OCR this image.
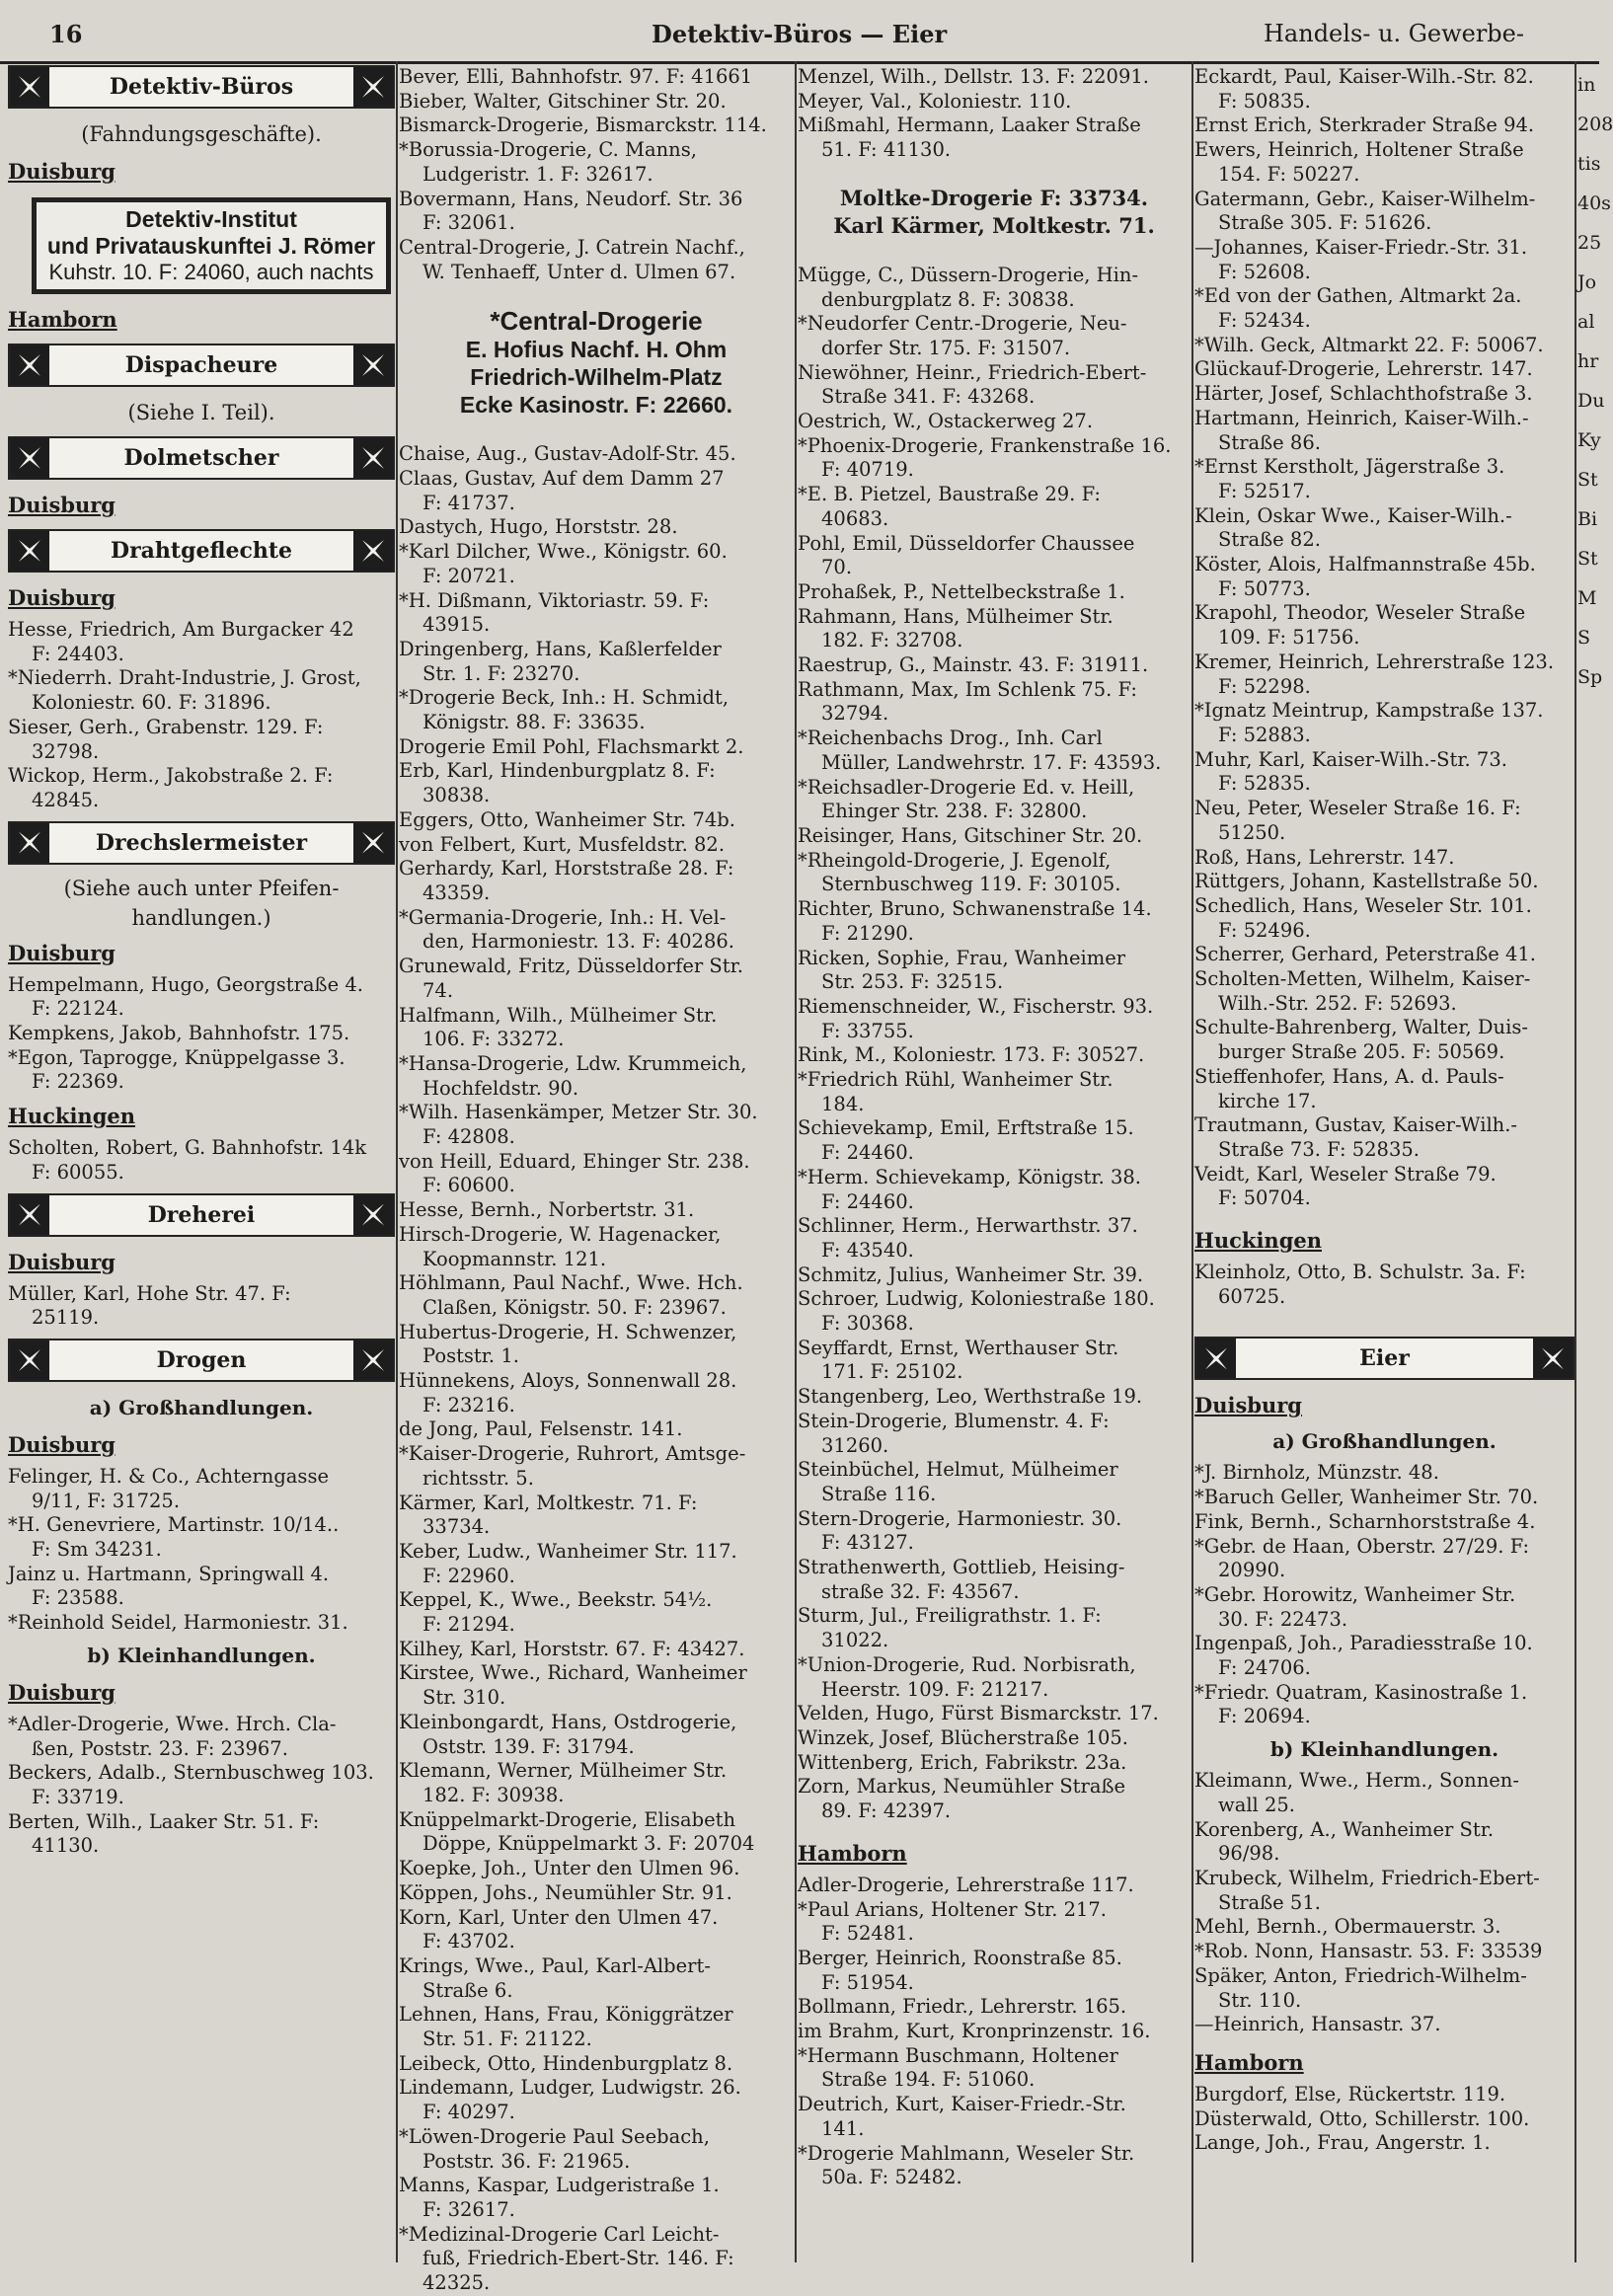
16	Detektiv-Büros — Eier	Handels- u. Gewerbe-
Detektiv-Büros
(Fahndungsgeschäfte).
Duisburg
Detektiv-Institut
und Privatauskunftei J. Römer
Kuhstr. 10. F: 24060, auch nachts
Hamborn

Dispacheure
(Siehe I. Teil).
Dolmetscher
Duisburg

Drahtgeflechte
Duisburg

Hesse, Friedrich, Am Burgacker 42

F: 24403.

*Niederrh. Draht-Industrie, J. Grost,

Koloniestr. 60. F: 31896.

Sieser, Gerh., Grabenstr. 129. F:

32798.

Wickop, Herm., Jakobstraße 2. F:

42845.

Drechslermeister
(Siehe auch unter Pfeifen-
handlungen.)
Duisburg

Hempelmann, Hugo, Georgstraße 4.

F: 22124.

Kempkens, Jakob, Bahnhofstr. 175.

*Egon, Taprogge, Knüppelgasse 3.

F: 22369.

Huckingen

Scholten, Robert, G. Bahnhofstr. 14k

F: 60055.

Dreherei
Duisburg

Müller, Karl, Hohe Str. 47. F:

25119.

Drogen
a) Großhandlungen.
Duisburg

Felinger, H. & Co., Achterngasse

9/11, F: 31725.

*H. Genevriere, Martinstr. 10/14..

F: Sm 34231.

Jainz u. Hartmann, Springwall 4.

F: 23588.

*Reinhold Seidel, Harmoniestr. 31.

b) Kleinhandlungen.
Duisburg

*Adler-Drogerie, Wwe. Hrch. Cla-

ßen, Poststr. 23. F: 23967.

Beckers, Adalb., Sternbuschweg 103.

F: 33719.

Berten, Wilh., Laaker Str. 51. F:

41130.

Bever, Elli, Bahnhofstr. 97. F: 41661

Bieber, Walter, Gitschiner Str. 20.

Bismarck-Drogerie, Bismarckstr. 114.

*Borussia-Drogerie, C. Manns,

Ludgeristr. 1. F: 32617.

Bovermann, Hans, Neudorf. Str. 36

F: 32061.

Central-Drogerie, J. Catrein Nachf.,

W. Tenhaeff, Unter d. Ulmen 67.

*Central-Drogerie
E. Hofius Nachf. H. Ohm
Friedrich-Wilhelm-Platz
Ecke Kasinostr. F: 22660.

Chaise, Aug., Gustav-Adolf-Str. 45.

Claas, Gustav, Auf dem Damm 27

F: 41737.

Dastych, Hugo, Horststr. 28.

*Karl Dilcher, Wwe., Königstr. 60.

F: 20721.

*H. Dißmann, Viktoriastr. 59. F:

43915.

Dringenberg, Hans, Kaßlerfelder

Str. 1. F: 23270.

*Drogerie Beck, Inh.: H. Schmidt,

Königstr. 88. F: 33635.

Drogerie Emil Pohl, Flachsmarkt 2.

Erb, Karl, Hindenburgplatz 8. F:

30838.

Eggers, Otto, Wanheimer Str. 74b.

von Felbert, Kurt, Musfeldstr. 82.

Gerhardy, Karl, Horststraße 28. F:

43359.

*Germania-Drogerie, Inh.: H. Vel-

den, Harmoniestr. 13. F: 40286.

Grunewald, Fritz, Düsseldorfer Str.

74.

Halfmann, Wilh., Mülheimer Str.

106. F: 33272.

*Hansa-Drogerie, Ldw. Krummeich,

Hochfeldstr. 90.

*Wilh. Hasenkämper, Metzer Str. 30.

F: 42808.

von Heill, Eduard, Ehinger Str. 238.

F: 60600.

Hesse, Bernh., Norbertstr. 31.

Hirsch-Drogerie, W. Hagenacker,

Koopmannstr. 121.

Höhlmann, Paul Nachf., Wwe. Hch.

Claßen, Königstr. 50. F: 23967.

Hubertus-Drogerie, H. Schwenzer,

Poststr. 1.

Hünnekens, Aloys, Sonnenwall 28.

F: 23216.

de Jong, Paul, Felsenstr. 141.

*Kaiser-Drogerie, Ruhrort, Amtsge-

richtsstr. 5.

Kärmer, Karl, Moltkestr. 71. F:

33734.

Keber, Ludw., Wanheimer Str. 117.

F: 22960.

Keppel, K., Wwe., Beekstr. 54½.

F: 21294.

Kilhey, Karl, Horststr. 67. F: 43427.

Kirstee, Wwe., Richard, Wanheimer

Str. 310.

Kleinbongardt, Hans, Ostdrogerie,

Oststr. 139. F: 31794.

Klemann, Werner, Mülheimer Str.

182. F: 30938.

Knüppelmarkt-Drogerie, Elisabeth

Döppe, Knüppelmarkt 3. F: 20704

Koepke, Joh., Unter den Ulmen 96.

Köppen, Johs., Neumühler Str. 91.

Korn, Karl, Unter den Ulmen 47.

F: 43702.

Krings, Wwe., Paul, Karl-Albert-

Straße 6.

Lehnen, Hans, Frau, Königgrätzer

Str. 51. F: 21122.

Leibeck, Otto, Hindenburgplatz 8.

Lindemann, Ludger, Ludwigstr. 26.

F: 40297.

*Löwen-Drogerie Paul Seebach,

Poststr. 36. F: 21965.

Manns, Kaspar, Ludgeristraße 1.

F: 32617.

*Medizinal-Drogerie Carl Leicht-

fuß, Friedrich-Ebert-Str. 146. F:

42325.

Menzel, Wilh., Dellstr. 13. F: 22091.

Meyer, Val., Koloniestr. 110.

Mißmahl, Hermann, Laaker Straße

51. F: 41130.

Moltke-Drogerie F: 33734.
Karl Kärmer, Moltkestr. 71.

Mügge, C., Düssern-Drogerie, Hin-

denburgplatz 8. F: 30838.

*Neudorfer Centr.-Drogerie, Neu-

dorfer Str. 175. F: 31507.

Niewöhner, Heinr., Friedrich-Ebert-

Straße 341. F: 43268.

Oestrich, W., Ostackerweg 27.

*Phoenix-Drogerie, Frankenstraße 16.

F: 40719.

*E. B. Pietzel, Baustraße 29. F:

40683.

Pohl, Emil, Düsseldorfer Chaussee

70.

Prohaßek, P., Nettelbeckstraße 1.

Rahmann, Hans, Mülheimer Str.

182. F: 32708.

Raestrup, G., Mainstr. 43. F: 31911.

Rathmann, Max, Im Schlenk 75. F:

32794.

*Reichenbachs Drog., Inh. Carl

Müller, Landwehrstr. 17. F: 43593.

*Reichsadler-Drogerie Ed. v. Heill,

Ehinger Str. 238. F: 32800.

Reisinger, Hans, Gitschiner Str. 20.

*Rheingold-Drogerie, J. Egenolf,

Sternbuschweg 119. F: 30105.

Richter, Bruno, Schwanenstraße 14.

F: 21290.

Ricken, Sophie, Frau, Wanheimer

Str. 253. F: 32515.

Riemenschneider, W., Fischerstr. 93.

F: 33755.

Rink, M., Koloniestr. 173. F: 30527.

*Friedrich Rühl, Wanheimer Str.

184.

Schievekamp, Emil, Erftstraße 15.

F: 24460.

*Herm. Schievekamp, Königstr. 38.

F: 24460.

Schlinner, Herm., Herwarthstr. 37.

F: 43540.

Schmitz, Julius, Wanheimer Str. 39.

Schroer, Ludwig, Koloniestraße 180.

F: 30368.

Seyffardt, Ernst, Werthauser Str.

171. F: 25102.

Stangenberg, Leo, Werthstraße 19.

Stein-Drogerie, Blumenstr. 4. F:

31260.

Steinbüchel, Helmut, Mülheimer

Straße 116.

Stern-Drogerie, Harmoniestr. 30.

F: 43127.

Strathenwerth, Gottlieb, Heising-

straße 32. F: 43567.

Sturm, Jul., Freiligrathstr. 1. F:

31022.

*Union-Drogerie, Rud. Norbisrath,

Heerstr. 109. F: 21217.

Velden, Hugo, Fürst Bismarckstr. 17.

Winzek, Josef, Blücherstraße 105.

Wittenberg, Erich, Fabrikstr. 23a.

Zorn, Markus, Neumühler Straße

89. F: 42397.

Hamborn

Adler-Drogerie, Lehrerstraße 117.

*Paul Arians, Holtener Str. 217.

F: 52481.

Berger, Heinrich, Roonstraße 85.

F: 51954.

Bollmann, Friedr., Lehrerstr. 165.

im Brahm, Kurt, Kronprinzenstr. 16.

*Hermann Buschmann, Holtener

Straße 194. F: 51060.

Deutrich, Kurt, Kaiser-Friedr.-Str.

141.

*Drogerie Mahlmann, Weseler Str.

50a. F: 52482.

Eckardt, Paul, Kaiser-Wilh.-Str. 82.

F: 50835.

Ernst Erich, Sterkrader Straße 94.

Ewers, Heinrich, Holtener Straße

154. F: 50227.

Gatermann, Gebr., Kaiser-Wilhelm-

Straße 305. F: 51626.

—Johannes, Kaiser-Friedr.-Str. 31.

F: 52608.

*Ed von der Gathen, Altmarkt 2a.

F: 52434.

*Wilh. Geck, Altmarkt 22. F: 50067.

Glückauf-Drogerie, Lehrerstr. 147.

Härter, Josef, Schlachthofstraße 3.

Hartmann, Heinrich, Kaiser-Wilh.-

Straße 86.

*Ernst Kerstholt, Jägerstraße 3.

F: 52517.

Klein, Oskar Wwe., Kaiser-Wilh.-

Straße 82.

Köster, Alois, Halfmannstraße 45b.

F: 50773.

Krapohl, Theodor, Weseler Straße

109. F: 51756.

Kremer, Heinrich, Lehrerstraße 123.

F: 52298.

*Ignatz Meintrup, Kampstraße 137.

F: 52883.

Muhr, Karl, Kaiser-Wilh.-Str. 73.

F: 52835.

Neu, Peter, Weseler Straße 16. F:

51250.

Roß, Hans, Lehrerstr. 147.

Rüttgers, Johann, Kastellstraße 50.

Schedlich, Hans, Weseler Str. 101.

F: 52496.

Scherrer, Gerhard, Peterstraße 41.

Scholten-Metten, Wilhelm, Kaiser-

Wilh.-Str. 252. F: 52693.

Schulte-Bahrenberg, Walter, Duis-

burger Straße 205. F: 50569.

Stieffenhofer, Hans, A. d. Pauls-

kirche 17.

Trautmann, Gustav, Kaiser-Wilh.-

Straße 73. F: 52835.

Veidt, Karl, Weseler Straße 79.

F: 50704.

Huckingen

Kleinholz, Otto, B. Schulstr. 3a. F:

60725.

Eier
Duisburg
a) Großhandlungen.

*J. Birnholz, Münzstr. 48.

*Baruch Geller, Wanheimer Str. 70.

Fink, Bernh., Scharnhorststraße 4.

*Gebr. de Haan, Oberstr. 27/29. F:

20990.

*Gebr. Horowitz, Wanheimer Str.

30. F: 22473.

Ingenpaß, Joh., Paradiesstraße 10.

F: 24706.

*Friedr. Quatram, Kasinostraße 1.

F: 20694.

b) Kleinhandlungen.

Kleimann, Wwe., Herm., Sonnen-

wall 25.

Korenberg, A., Wanheimer Str.

96/98.

Krubeck, Wilhelm, Friedrich-Ebert-

Straße 51.

Mehl, Bernh., Obermauerstr. 3.

*Rob. Nonn, Hansastr. 53. F: 33539

Späker, Anton, Friedrich-Wilhelm-

Str. 110.

—Heinrich, Hansastr. 37.

Hamborn

Burgdorf, Else, Rückertstr. 119.

Düsterwald, Otto, Schillerstr. 100.

Lange, Joh., Frau, Angerstr. 1.

in
208
tis
40s
25
Jo
al
hr
Du
Ky
St
Bi
St
M
S
Sp
